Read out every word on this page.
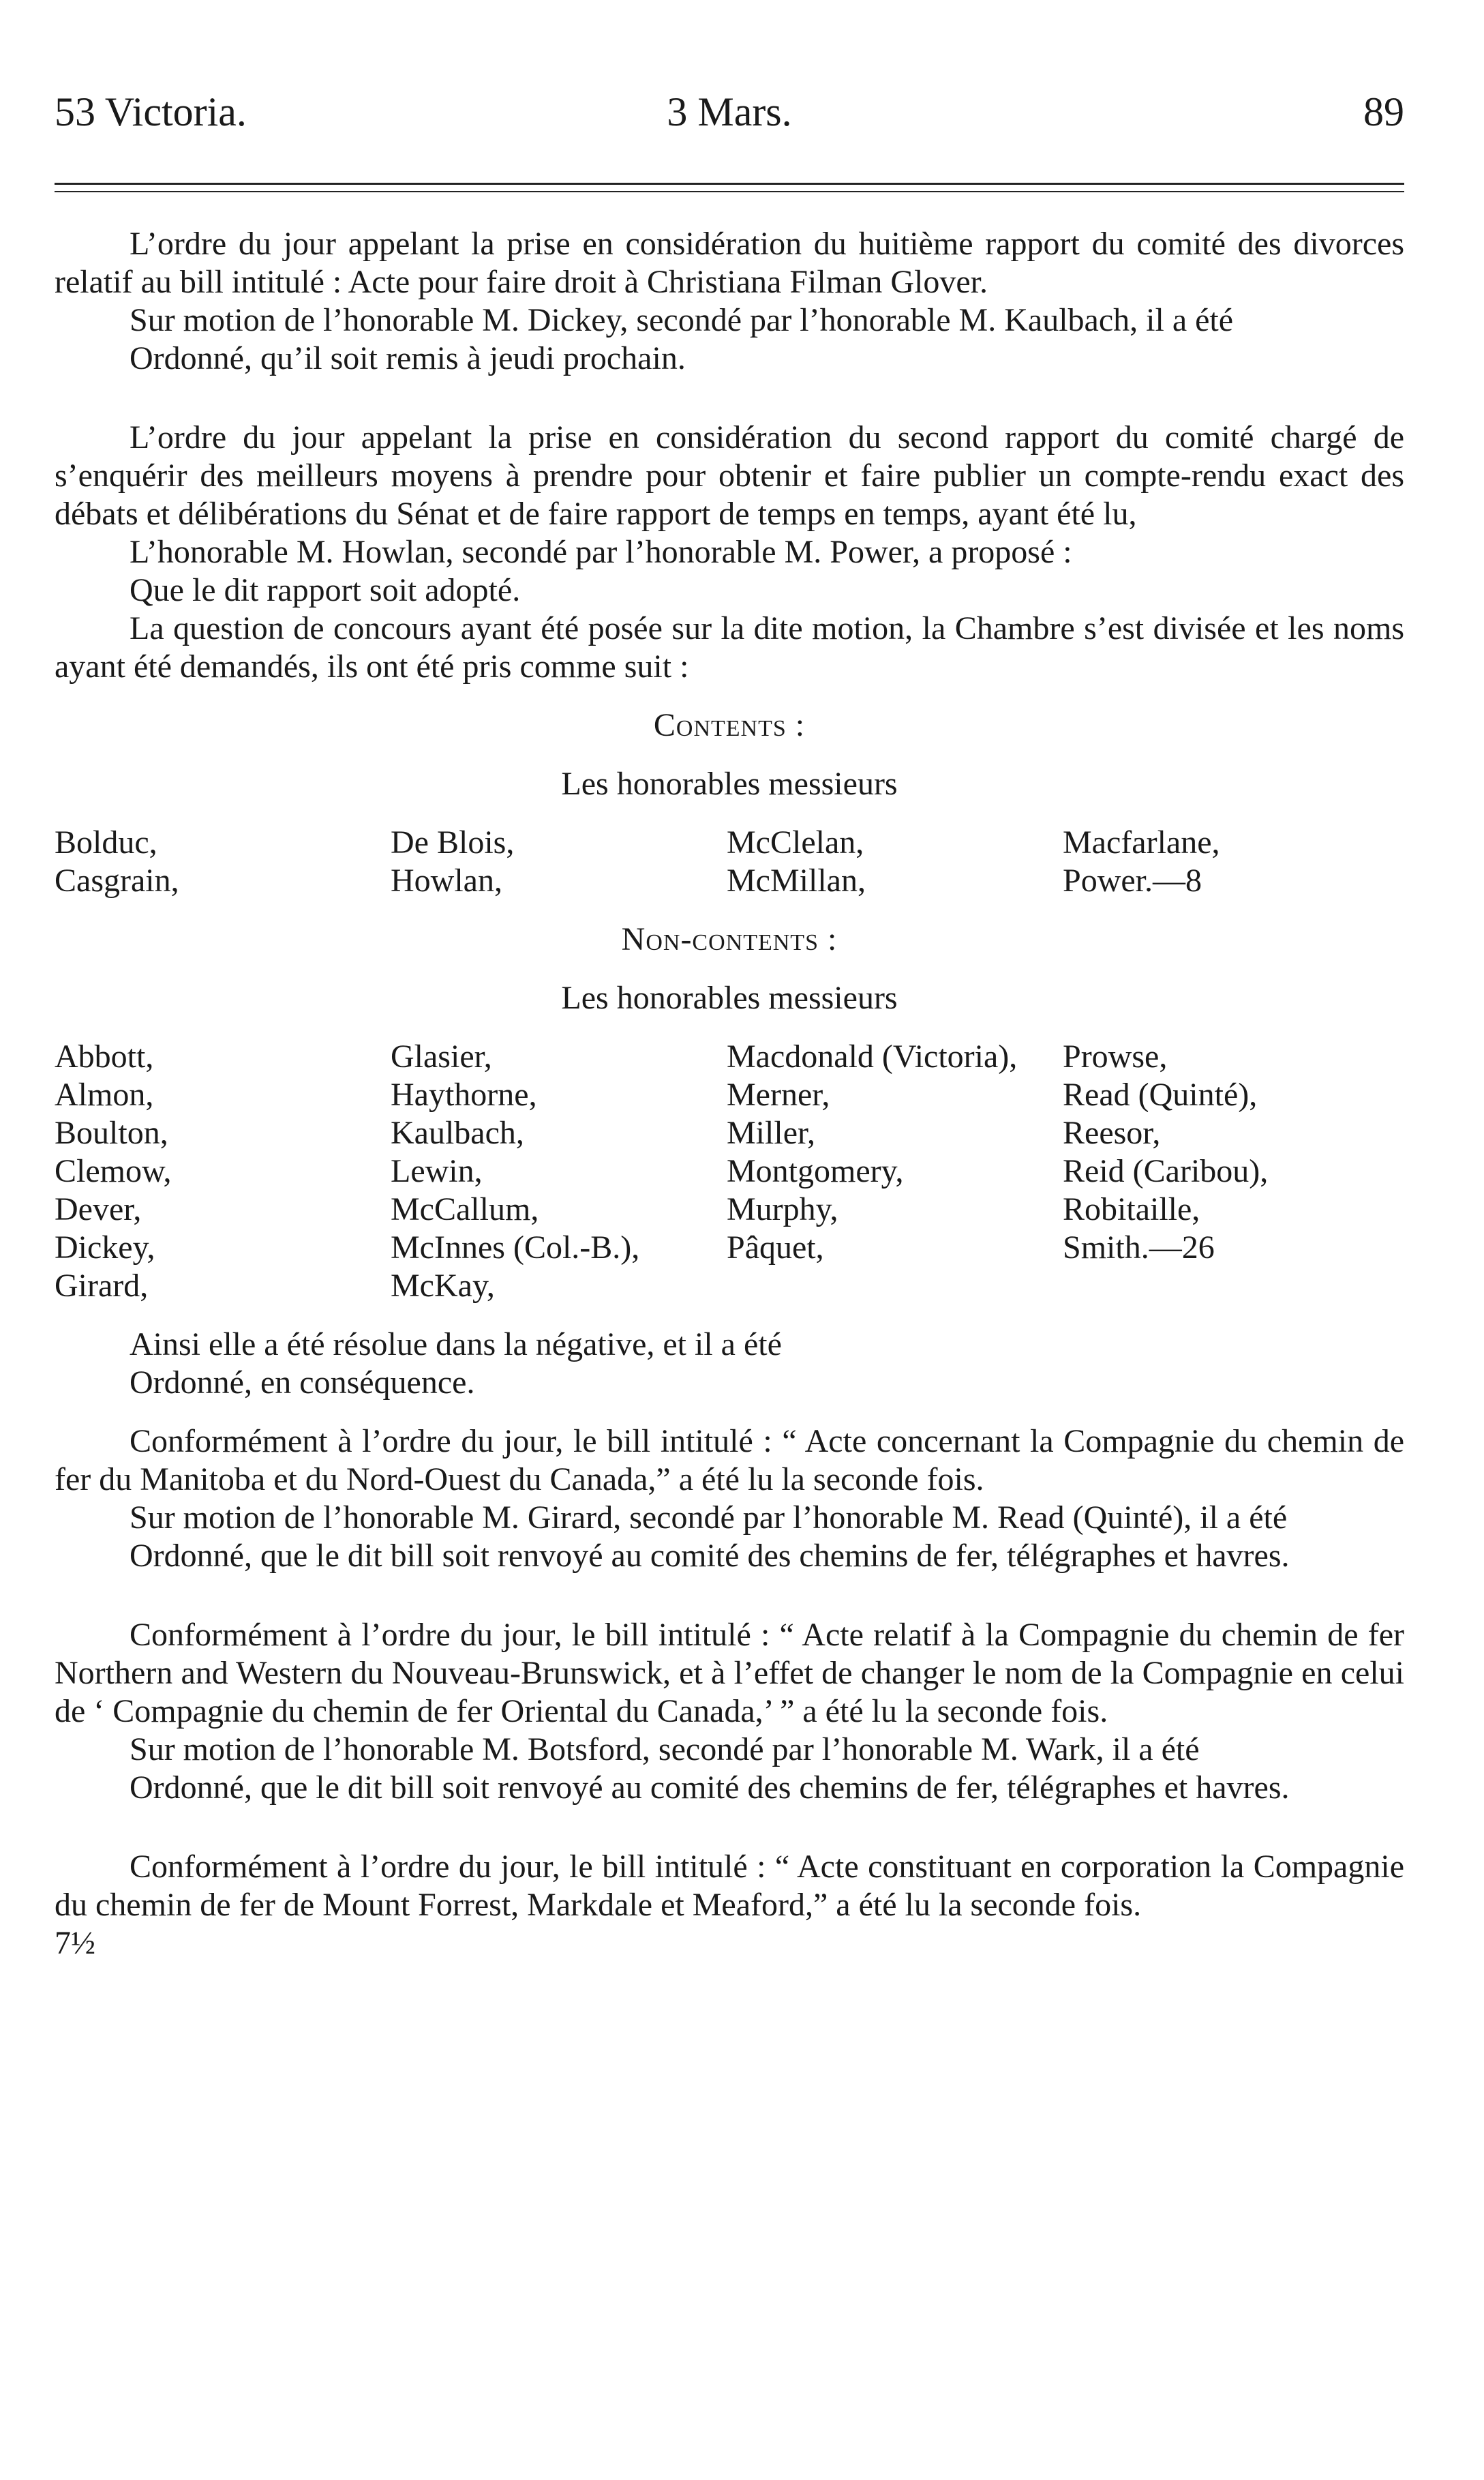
53 Victoria.	3 Mars.	89

L’ordre du jour appelant la prise en considération du huitième rapport du comité des divorces relatif au bill intitulé : Acte pour faire droit à Christiana Filman Glover.

Sur motion de l’honorable M. Dickey, secondé par l’honorable M. Kaulbach, il a été

Ordonné, qu’il soit remis à jeudi prochain.

L’ordre du jour appelant la prise en considération du second rapport du comité chargé de s’enquérir des meilleurs moyens à prendre pour obtenir et faire publier un compte-rendu exact des débats et délibérations du Sénat et de faire rapport de temps en temps, ayant été lu,

L’honorable M. Howlan, secondé par l’honorable M. Power, a proposé :

Que le dit rapport soit adopté.

La question de concours ayant été posée sur la dite motion, la Chambre s’est divisée et les noms ayant été demandés, ils ont été pris comme suit :

Contents :

Les honorables messieurs

Bolduc,	De Blois,	McClelan,	Macfarlane,
Casgrain,	Howlan,	McMillan,	Power.—8

Non-contents :

Les honorables messieurs

Abbott,	Glasier,	Macdonald (Victoria),	Prowse,
Almon,	Haythorne,	Merner,	Read (Quinté),
Boulton,	Kaulbach,	Miller,	Reesor,
Clemow,	Lewin,	Montgomery,	Reid (Caribou),
Dever,	McCallum,	Murphy,	Robitaille,
Dickey,	McInnes (Col.-B.),	Pâquet,	Smith.—26
Girard,	McKay,

Ainsi elle a été résolue dans la négative, et il a été

Ordonné, en conséquence.

Conformément à l’ordre du jour, le bill intitulé : “ Acte concernant la Compagnie du chemin de fer du Manitoba et du Nord-Ouest du Canada,” a été lu la seconde fois.

Sur motion de l’honorable M. Girard, secondé par l’honorable M. Read (Quinté), il a été

Ordonné, que le dit bill soit renvoyé au comité des chemins de fer, télégraphes et havres.

Conformément à l’ordre du jour, le bill intitulé : “ Acte relatif à la Compagnie du chemin de fer Northern and Western du Nouveau-Brunswick, et à l’effet de changer le nom de la Compagnie en celui de ‘ Compagnie du chemin de fer Oriental du Canada,’ ” a été lu la seconde fois.

Sur motion de l’honorable M. Botsford, secondé par l’honorable M. Wark, il a été

Ordonné, que le dit bill soit renvoyé au comité des chemins de fer, télégraphes et havres.

Conformément à l’ordre du jour, le bill intitulé : “ Acte constituant en corporation la Compagnie du chemin de fer de Mount Forrest, Markdale et Meaford,” a été lu la seconde fois.

7½
